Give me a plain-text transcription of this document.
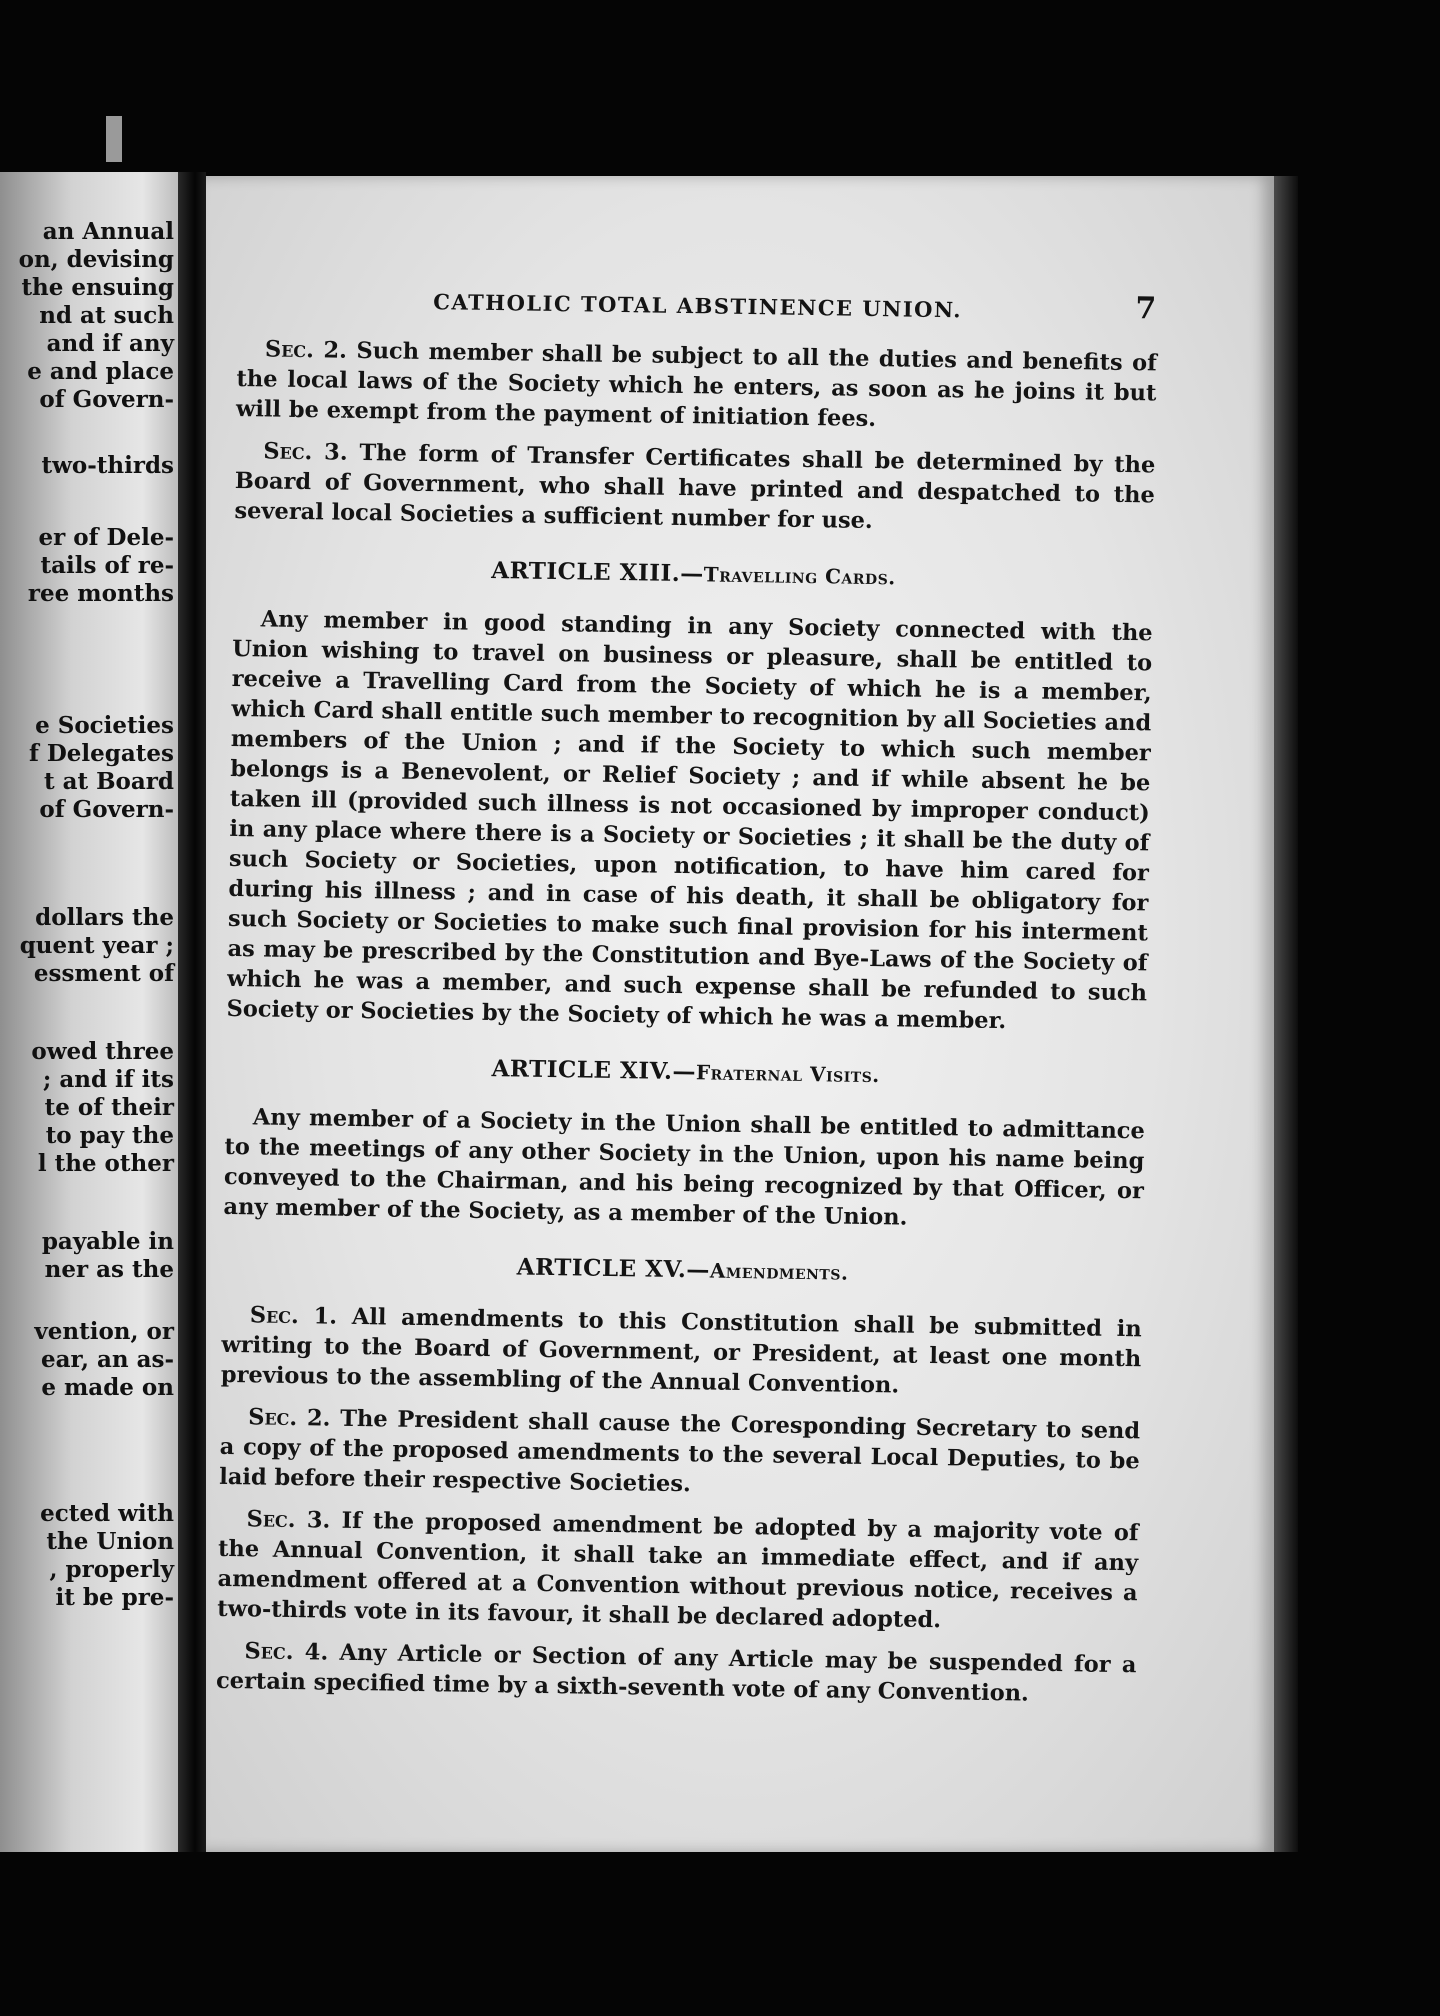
an Annual
on, devising
the ensuing
nd at such
and if any
e and place
of Govern-
two-thirds
er of Dele-
tails of re-
ree months
e Societies
f Delegates
t at Board
of Govern-
dollars the
quent year ;
essment of
owed three
; and if its
te of their
to pay the
l the other
payable in
ner as the
vention, or
ear, an as-
e made on
ected with
the Union
, properly
it be pre-
CATHOLIC TOTAL ABSTINENCE UNION.	7

Sec. 2. Such member shall be subject to all the duties and benefits of the local laws of the Society which he enters, as soon as he joins it but will be exempt from the payment of initiation fees.

Sec. 3. The form of Transfer Certificates shall be determined by the Board of Government, who shall have printed and despatched to the several local Societies a sufficient number for use.

ARTICLE XIII.—Travelling Cards.

Any member in good standing in any Society connected with the Union wishing to travel on business or pleasure, shall be entitled to receive a Travelling Card from the Society of which he is a member, which Card shall entitle such member to recognition by all Societies and members of the Union ; and if the Society to which such member belongs is a Benevolent, or Relief Society ; and if while absent he be taken ill (provided such illness is not occasioned by improper conduct) in any place where there is a Society or Societies ; it shall be the duty of such Society or Societies, upon notification, to have him cared for during his illness ; and in case of his death, it shall be obligatory for such Society or Societies to make such final provision for his interment as may be prescribed by the Constitution and Bye-Laws of the Society of which he was a member, and such expense shall be refunded to such Society or Societies by the Society of which he was a member.

ARTICLE XIV.—Fraternal Visits.

Any member of a Society in the Union shall be entitled to admittance to the meetings of any other Society in the Union, upon his name being conveyed to the Chairman, and his being recognized by that Officer, or any member of the Society, as a member of the Union.

ARTICLE XV.—Amendments.

Sec. 1. All amendments to this Constitution shall be submitted in writing to the Board of Government, or President, at least one month previous to the assembling of the Annual Convention.

Sec. 2. The President shall cause the Coresponding Secretary to send a copy of the proposed amendments to the several Local Deputies, to be laid before their respective Societies.

Sec. 3. If the proposed amendment be adopted by a majority vote of the Annual Convention, it shall take an immediate effect, and if any amendment offered at a Convention without previous notice, receives a two-thirds vote in its favour, it shall be declared adopted.

Sec. 4. Any Article or Section of any Article may be suspended for a certain specified time by a sixth-seventh vote of any Convention.
